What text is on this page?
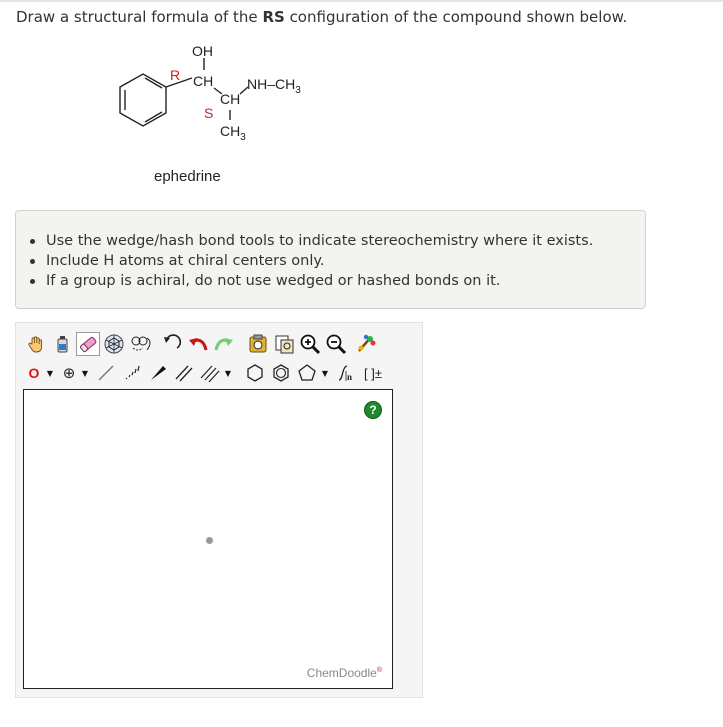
Draw a structural formula of the RS configuration of the compound shown below.
OH
R CH $NH-CH_3$
CH
S
$CH_3$
ephedrine
Use the wedge/hash bond tools to indicate stereochemistry where it exists.
Include H atoms at chiral centers only.
If a group is achiral, do not use wedged or hashed bonds on it.
O ▼ ⊕ ▼	▼	▼ n [ ]±
?
ChemDoodle®
